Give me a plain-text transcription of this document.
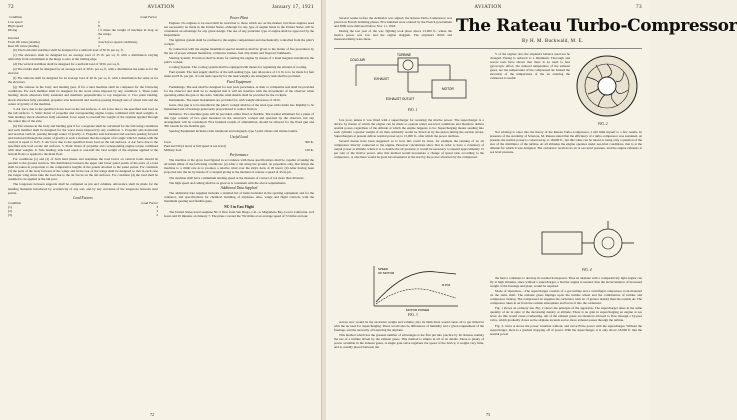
72	AVIATION	January 17, 1921
Condition	Load Factor
Low speed	2
High speed	8
Diving	1½ times the weight of machine in drag on the wings.
Inverted	4
Front lift wires (double)	4 each (two speed conditions)
Rear lift wires (double)	2

(b) The horizontal stabilizer shall be designed for a uniform load of 30 lb. per sq. ft.

(c) The elevators shall be designed for an average load of 35 lb. per sq. ft. with a distribution varying uniformly from a maximum at the hinge to zero at the trailing edge.

(d) The vertical stabilizer shall be designed for a uniform load of 30 lb. per sq. ft.

(e) The rudder shall be designed for an average load of 30 lb. per sq. ft. with a distribution the same as for the elevator.

(f) The ailerons shall be designed for an average load of 40 lb. per sq. ft. with a distribution the same as for the elevators.

(g) The stresses in the body and landing gear, if for a land machine shall be computed for the following conditions. For each member shall be designed for the worst stress imposed by any condition: 1. Three point landing; shock absorbers fully extended and members perpendicular to top longerons. 2. Two point landing, shock absorbers fully extended, propeller axis horizontal and reaction passing through axis of wheel axle and the center of gravity of the machine.

3. Air force due to the specified down load on the tail surfaces. 4. Air force due to the specified side load on the tail surfaces. 5. Static thrust of propeller and corresponding engine torque combined with dead weights. 6. Side landing; shock absorbers fully extended, force equal to one-half the weight of the airplane applied through the center line of the axle.

(h) The stresses in the body and landing gear if for a seaplane shall be calculated for the following conditions and each member shall be designed for the worst stress imposed by any condition: 1. Propeller axis horizontal and reaction vertical, passing through center of gravity. 2. Propeller axis horizontal and reaction passing forward and backward through the center of gravity at such a moment that the tangent of its angle which it makes with the vertical is equal to 0.25. 3. Air force due to the specified down load on the tail surfaces. 4. Air force due to the specified side load on the tail surfaces. 5. Static thrust of propeller and corresponding engine torque combined with dead weights. 6. Side landing; side load equal to one-half the total weight of the airplane applied at the bottom floats or applied to the main float.

For conditions (1) and (2) of both land planes and seaplanes the load factor on vertical loads should be parallel to the ground reaction. The distribution between the upper and lower panel points of the pairs of a load shall be taken in proportion to the comparative lengths of the panels attached to the panel points. For condition (3) the parts of the body forward of the wings and in the rear of the wings shall be designed so that in each case the longer wing struts take the load due to the air forces on the tail surfaces. For condition (4) the load shall be assumed to be applied at the tail post.

The longerons between supports shall be computed as pin end columns. Allowance shall be made for the bending moments introduced by eccentricity of any sort, and by any curvature of the longerons between strut points.

Load Factors
Condition	Load Factor
(1)	3
(2)	3
(3)	2
Power Plant

Engines. No engines to be used shall be restricted to those which are on the market, but those engines need not necessarily be made in the United States, although for any type of engine made in the United States will be considered an advantage for any given design. The use of any particular type of engine shall be approved by the Department.

The ignition system shall be confined to the engine compartment and mechanically controlled from the pilot's cockpit.

In connection with the engine installation special attention shall be given to the matter of fire prevention by the use of proper exhaust manifolds, carburetor intakes, fuel drip drains and fireproof bulkheads.

Starting System. Provision shall be made for starting the engine by means of a hand magneto installed in the pilot's cockpit.

Cooling System. The cooling system shall be equipped with means for regulating the amount of cooling.

Fuel system. The fuel supply shall be of the self-sealing type. (An allowance of 1⅓ lb. is to be made for fuel tanks and 8 lb. per gal. of total tank capacity for the tank weight). An emergency tank shall be provided.

Fixed Equipment

Furnishings. The seat shall be designed for seat pack parachutes. A chair or collapsible seat shall be provided for the observer and shall be so designed that it will not interfere with the movements of the observer when operating either the gun or the radio. Suitable wind shields shall be provided for the cockpits.

Instruments. The usual instruments are provided for, with weight allowance of 20 lb.

Guns. One gun is to be installed in the pilot's cockpit shall be of the stick type with rudder bar. Rigidity to be maintained and of bearings generously proportioned to reduce friction.

Ordnance. Two machine guns will be provided, either fixed or flexible. The normal armament for a plane of this type consists of two guns mounted on the observer's cockpit and operated by the observer, but any arrangement will be considered. Five hundred rounds of ammunition, should be allowed for the fixed gun and 300 rounds for the flexible gun.

Spacing Equipment includes radio telephone and telegraph, type 5 pilot chutes and smoke bombs.

Useful Load
Crew	300 lb.
Fuel and Oil (4 hours at full speed at sea level)	
Military load	150 lb.
Performance

The machine at the gross load figured in accordance with these specifications shall be capable of taking the air under either of the following conditions: (a) After a run along the ground, on propellers only, that brings the machine to a climb rate as to produce a relative wind over the ship's deck of 20 knots; (b) After having been projected into the air by means of a catapult giving at the moment of release a speed of 45 m.p.h.

The machine shall have a minimum landing speed at the moment of contact of not more than 40 knots.

The high speed and ceiling shall be as great as is consistent with the above requirements.

Additional Data Supplied

The additional data supplied includes a detailed list of items included in the spotting equipment and for the ordnance, and specifications for chemical bombing of airplanes. Also, wings and flight controls, with the maximum gearing and flexible guns.

NC-5 in Fast Flight

The United States naval seaplane NC-5 flew from San Diego, Cal., to Magdalena Bay, Lower California, in 9 hours and 45 minutes on January 7. The plane covered the 762 miles at an average speed of 72 miles an hour.

72
AVIATION	73
The Rateau Turbo-Compressor
By H. M. Buckwald, M. E.

Several weeks before the Armistice was signed, the Rateau Turbo-Compressor was placed on French bombing planes. Five hundred were ordered by the French government and 3000 were delivered before Nov. 11, 1918.

During the last year of the war, fighting took place above 15,000 ft., where the motive power was low and the engine sluggish. The airplane's climb and manoeuvrability were there-

COLD AIR
EXHAUST
TURBINE
MOTOR
EXHAUST OUTLET
FIG. 1
FIG. 2

fore poor, unless it was fitted with a supercharger for restoring the motive power. The supercharger is a device by means of which the engine can be made to operate under sea-level conditions and therefore deliver normal power, regardless of the altitude at which the engine happens to be. Supercharging means sending into each cylinder a greater weight of air than ordinarily would be drawn in by the piston during the suction stroke. Superchargers at present deliver normal power up to 15,000 ft., after which the power declines.

Several means have been suggested as to how this could be done, for example the running of an air compressor directly connected to the engine. However calculations show that in order to have a constancy of output power at altitude, where it is to double the air pressure, it would be necessary to expend approximately 15 per cent of the motive power. Also this method would necessitate a change of speed ratio according to the compressor, or else there would be great inconvenience at the start by the power absorbed by the compressor.

SPEED
OF MOTOR
MOTOR POWER
R.P.M.
FIG. 3

erators now would be the excessive weight and volume; also its lubrication would cause oil to get mixed in with the air used for supercharging. There would also be differences of humidity and a given requirement of the fuselage, and the necessity of balancing the airplane.

This method which has the greatest number of advantages is the first put into practice by M. Rateau, namely the use of a turbine driven by the exhaust gases. This method is simple in all of its details. There is plenty of power available in the exhaust gases. A single gate-valve regulates the speed of the device; it weighs very little, and is, usually placed between the

V of the engine; also the airplane's balance need not be changed. Piping is reduced to a minimum. Thorough and severe tests have shown that there is no need to fear gyroscopic effect, the reduced temperature of the exhaust gases, nor the temperature of the compressed air. Indeed the elevation of the temperature of the air entering the carburetor is useful.

Not wishing to enter into the theory of the Rateau Turbo-Compressor, I will limit myself to a few results. In presence of the Academy of Sciences, M. Rateau stated that the efficiency of a turbo-compressor was sustained. At present, the normal power is conserved up to 18,000 ft., but this value can be raised, it being only a question of the size of the distributor of the turbine. At all altitudes the engine operates under sea-level conditions, that is at the altitude for which it was designed. The carburetor receives its air at sea level pressure, and the engine exhausts at sea level pressure.

FIG. 4

the motor continues to develop its normal horsepower. Thus an airplane with a comparatively light engine can fly at high altitudes, since without a supercharger, a heavier engine is needed, thus the inconvenience of increased weight of the fuselage and plant, would be required.

Mode of Operation.—The supercharger consists of a gas turbine and a centrifugal compressor, both mounted on the same shaft. The exhaust gases impinge upon the turbine wheel and the combination of turbine and compressor turning. The compressed air supplies the carburetor with air of greater density than the outside air. The compressor takes in air from the outside atmosphere and forces it into the carburetor.

Fig. 1 shows an ordinary fan. Fig. 2 shows the principle of the apparatus. The supercharger takes in the same quantity of air in spite of the decreasing density at altitude. There is no gain in supercharging an engine at sea level. As this would cause overheating. All of the exhaust gases are therefore allowed to flow through a by-pass valve, which gradually closes as the airplane ascends and so more exhaust passes through the turbine.

Fig. 3, curve A shows the power variation without, and curve B the power with the supercharger. Without the supercharger, there is a gradual dropping off of power. With the supercharger, it is only above 18,000 ft. that the normal power

73
